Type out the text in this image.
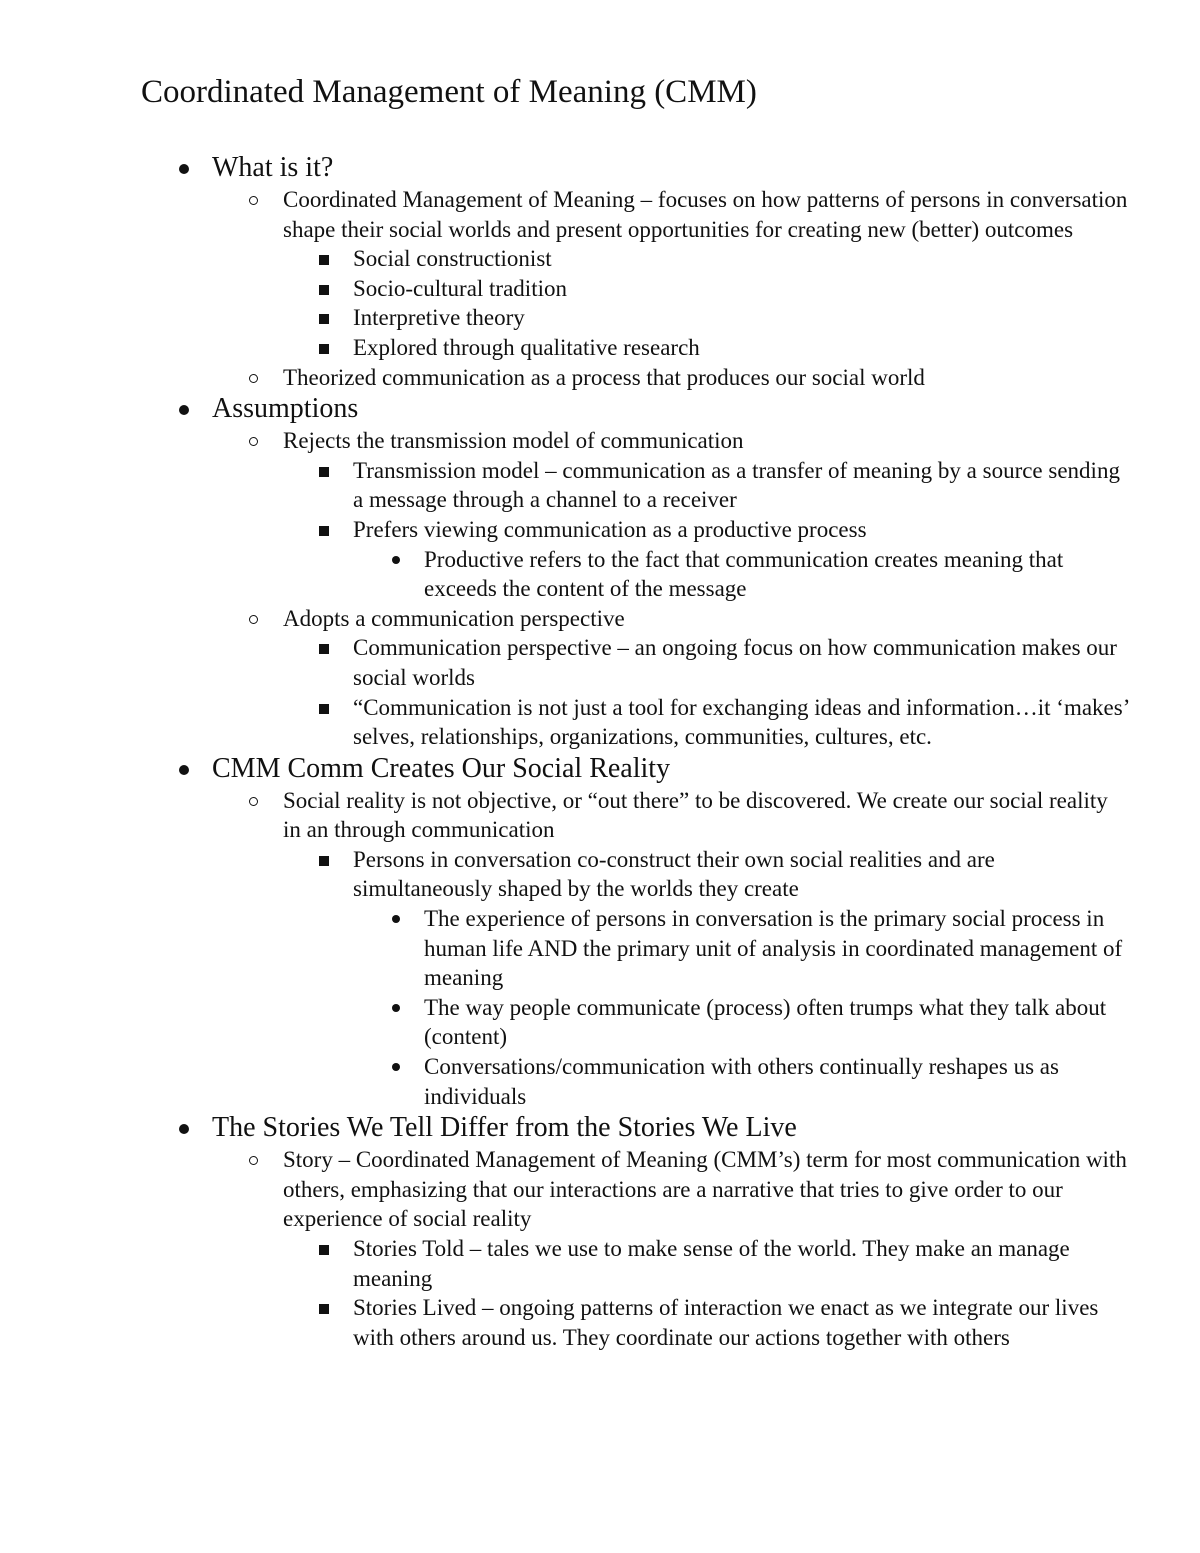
Coordinated Management of Meaning (CMM)
What is it?
Coordinated Management of Meaning – focuses on how patterns of persons in conversation shape their social worlds and present opportunities for creating new (better) outcomes
Social constructionist
Socio-cultural tradition
Interpretive theory
Explored through qualitative research
Theorized communication as a process that produces our social world
Assumptions
Rejects the transmission model of communication
Transmission model – communication as a transfer of meaning by a source sending a message through a channel to a receiver
Prefers viewing communication as a productive process
Productive refers to the fact that communication creates meaning that exceeds the content of the message
Adopts a communication perspective
Communication perspective – an ongoing focus on how communication makes our social worlds
“Communication is not just a tool for exchanging ideas and information…it ‘makes’ selves, relationships, organizations, communities, cultures, etc.
CMM Comm Creates Our Social Reality
Social reality is not objective, or “out there” to be discovered. We create our social reality in an through communication
Persons in conversation co-construct their own social realities and are simultaneously shaped by the worlds they create
The experience of persons in conversation is the primary social process in human life AND the primary unit of analysis in coordinated management of meaning
The way people communicate (process) often trumps what they talk about (content)
Conversations/communication with others continually reshapes us as individuals
The Stories We Tell Differ from the Stories We Live
Story – Coordinated Management of Meaning (CMM’s) term for most communication with others, emphasizing that our interactions are a narrative that tries to give order to our experience of social reality
Stories Told – tales we use to make sense of the world. They make an manage meaning
Stories Lived – ongoing patterns of interaction we enact as we integrate our lives with others around us. They coordinate our actions together with others
